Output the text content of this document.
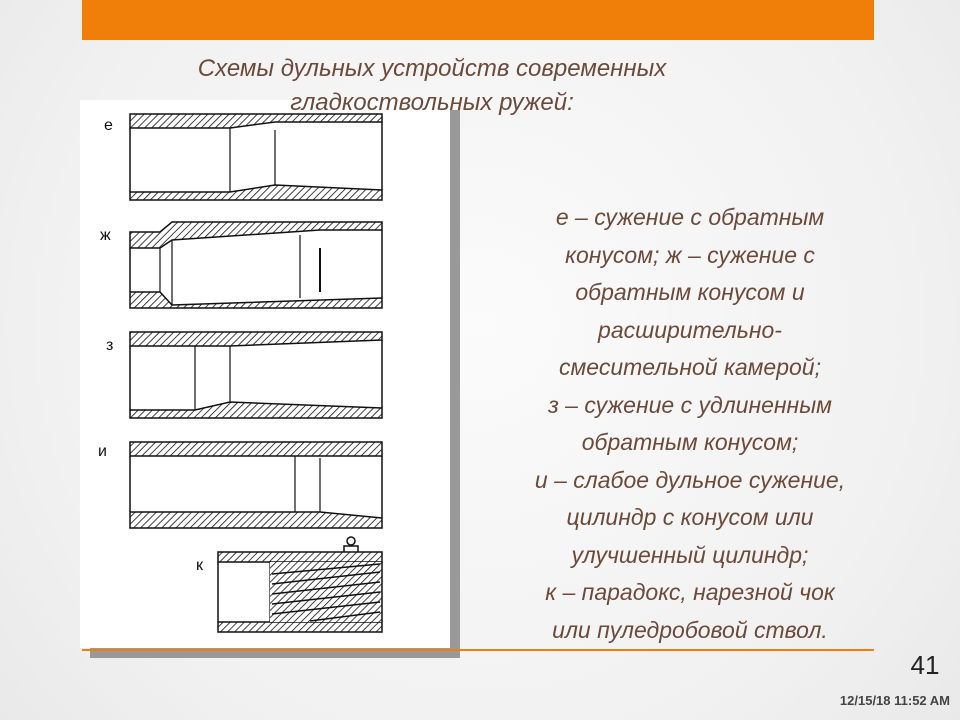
е
ж
з
и
к
Схемы дульных устройств современных
гладкоствольных ружей:
е – сужение с обратным
конусом; ж – сужение с
обратным конусом и
расширительно-
смесительной камерой;
з – сужение с удлиненным
обратным конусом;
и – слабое дульное сужение,
цилиндр с конусом или
улучшенный цилиндр;
к – парадокс, нарезной чок
или пуледробовой ствол.
41
12/15/18 11:52 AM
